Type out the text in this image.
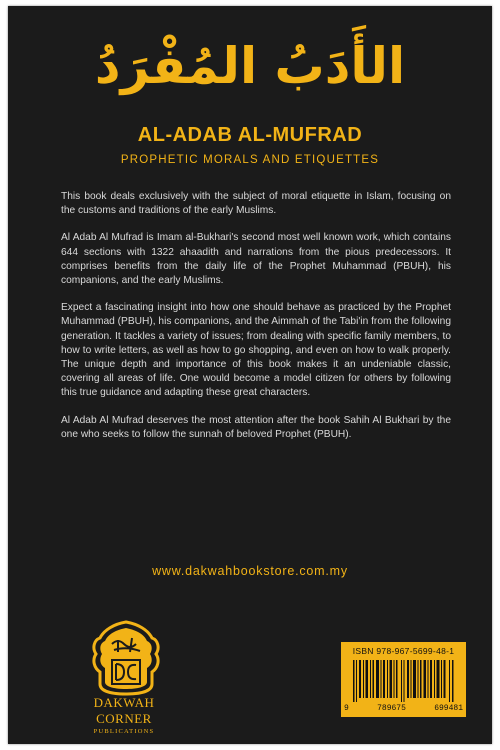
الأَدَبُ المُفْرَدُ
AL-ADAB AL-MUFRAD
PROPHETIC MORALS AND ETIQUETTES

This book deals exclusively with the subject of moral etiquette in Islam, focusing on the customs and traditions of the early Muslims.

Al Adab Al Mufrad is Imam al-Bukhari's second most well known work, which contains 644 sections with 1322 ahaadith and narrations from the pious predecessors. It comprises benefits from the daily life of the Prophet Muhammad (PBUH), his companions, and the early Muslims.

Expect a fascinating insight into how one should behave as practiced by the Prophet Muhammad (PBUH), his companions, and the Aimmah of the Tabi'in from the following generation. It tackles a variety of issues; from dealing with specific family members, to how to write letters, as well as how to go shopping, and even on how to walk properly. The unique depth and importance of this book makes it an undeniable classic, covering all areas of life. One would become a model citizen for others by following this true guidance and adapting these great characters.

Al Adab Al Mufrad deserves the most attention after the book Sahih Al Bukhari by the one who seeks to follow the sunnah of beloved Prophet (PBUH).

www.dakwahbookstore.com.my
DAKWAH CORNER
PUBLICATIONS
ISBN 978-967-5699-48-1
9	789675	699481
